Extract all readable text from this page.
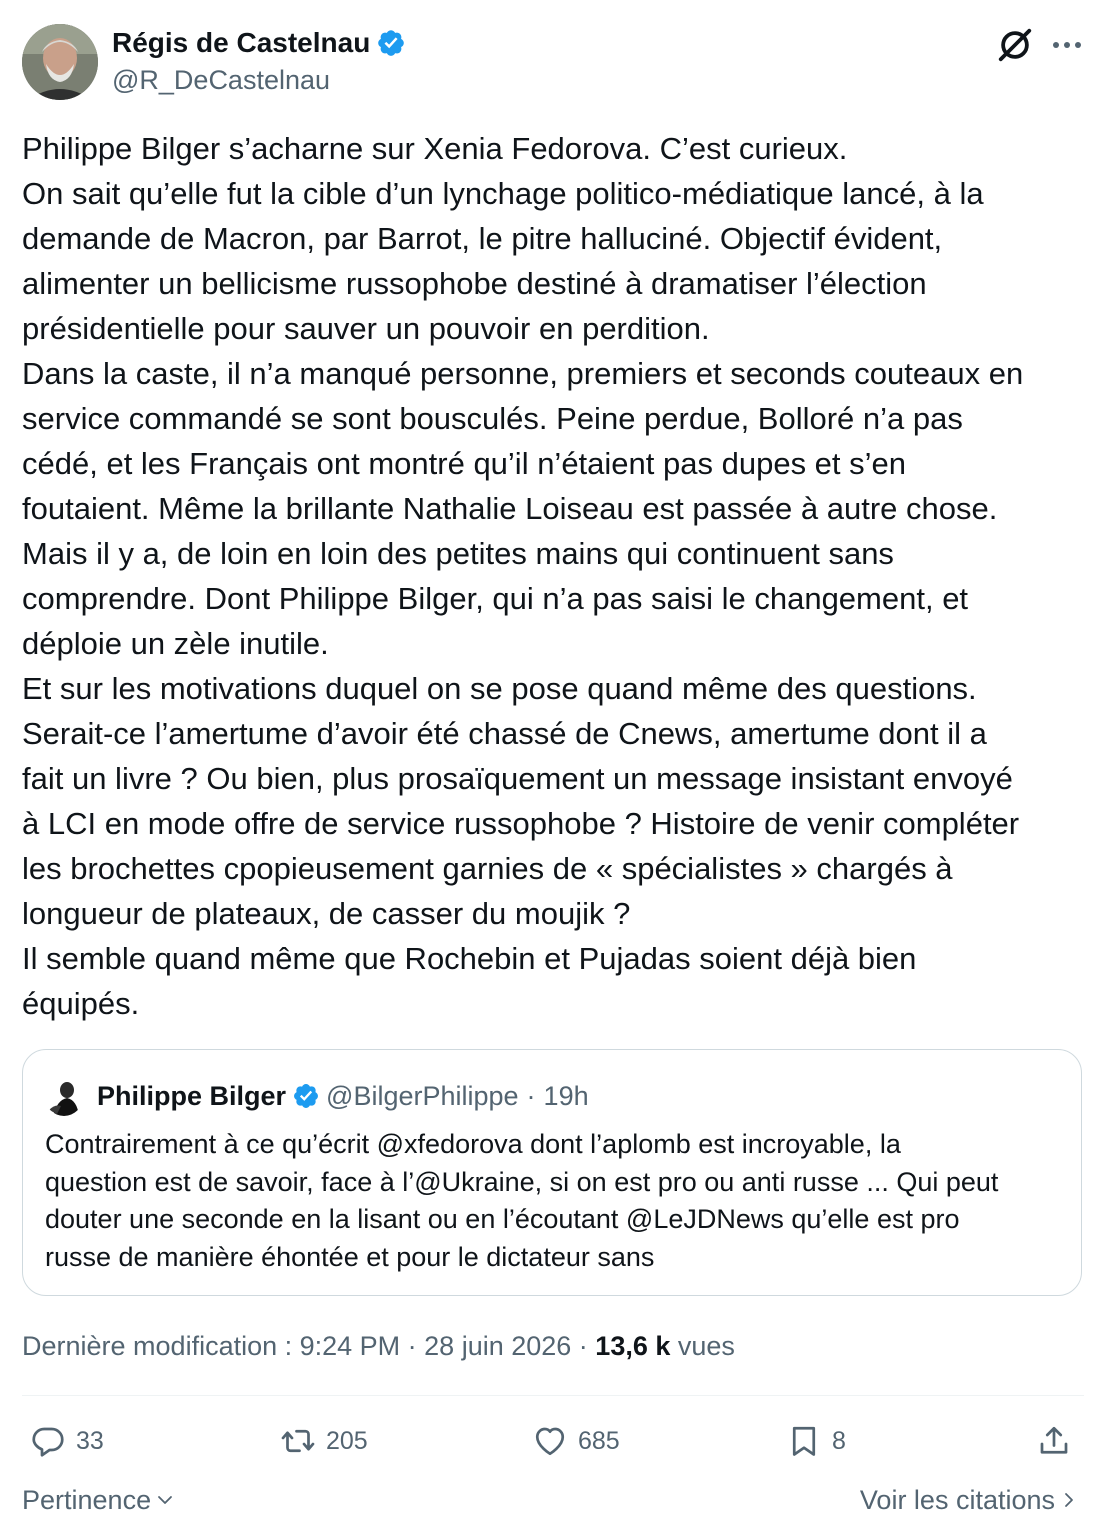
Régis de Castelnau
@R_DeCastelnau

Philippe Bilger s’acharne sur Xenia Fedorova. C’est curieux.

On sait qu’elle fut la cible d’un lynchage politico-médiatique lancé, à la

demande de Macron, par Barrot, le pitre halluciné. Objectif évident,

alimenter un bellicisme russophobe destiné à dramatiser l’élection

présidentielle pour sauver un pouvoir en perdition.

Dans la caste, il n’a manqué personne, premiers et seconds couteaux en

service commandé se sont bousculés. Peine perdue, Bolloré n’a pas

cédé, et les Français ont montré qu’il n’étaient pas dupes et s’en

foutaient. Même la brillante Nathalie Loiseau est passée à autre chose.

Mais il y a, de loin en loin des petites mains qui continuent sans

comprendre. Dont Philippe Bilger, qui n’a pas saisi le changement, et

déploie un zèle inutile.

Et sur les motivations duquel on se pose quand même des questions.

Serait-ce l’amertume d’avoir été chassé de Cnews, amertume dont il a

fait un livre ? Ou bien, plus prosaïquement un message insistant envoyé

à LCI en mode offre de service russophobe ? Histoire de venir compléter

les brochettes cpopieusement garnies de « spécialistes » chargés à

longueur de plateaux, de casser du moujik ?

Il semble quand même que Rochebin et Pujadas soient déjà bien

équipés.

Philippe Bilger @BilgerPhilippe · 19h

Contrairement à ce qu’écrit @xfedorova dont l’aplomb est incroyable, la

question est de savoir, face à l’@Ukraine, si on est pro ou anti russe ... Qui peut

douter une seconde en la lisant ou en l’écoutant @LeJDNews qu’elle est pro

russe de manière éhontée et pour le dictateur sans

Dernière modification : 9:24 PM · 28 juin 2026 · 13,6 k vues
33	205	685	8
Pertinence	Voir les citations
